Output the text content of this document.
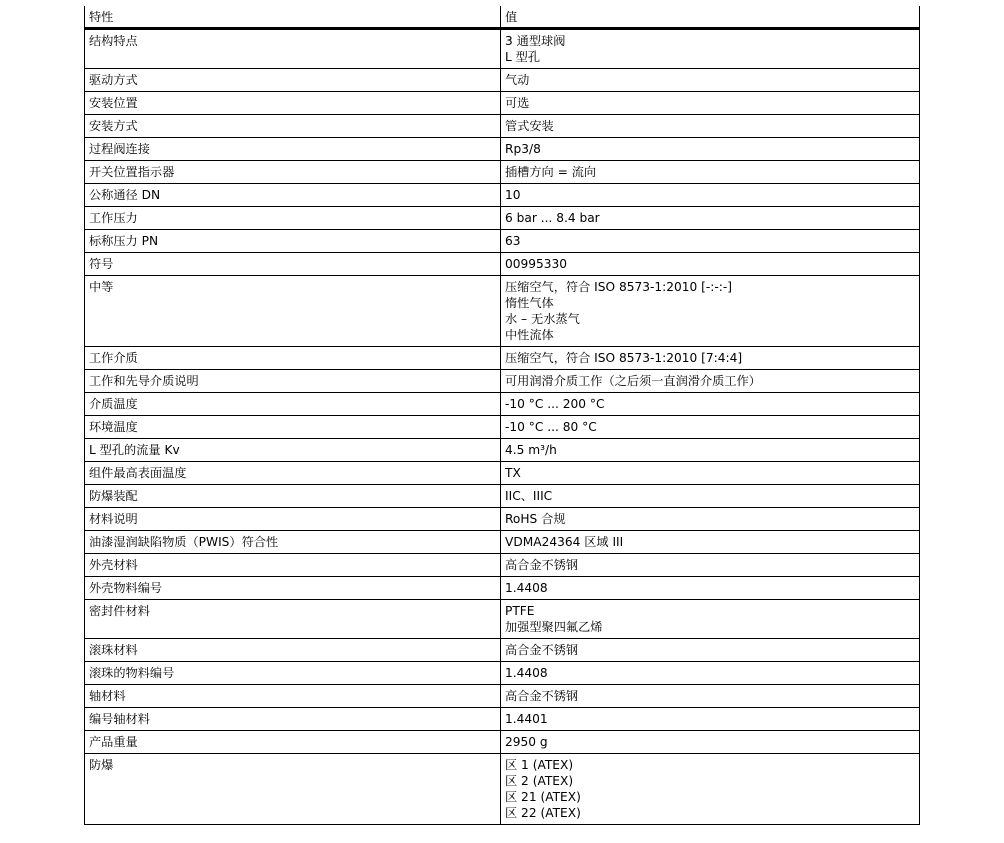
特性	值
结构特点	3 通型球阀
L 型孔
驱动方式	气动
安装位置	可选
安装方式	管式安装
过程阀连接	Rp3/8
开关位置指示器	插槽方向 = 流向
公称通径 DN	10
工作压力	6 bar ... 8.4 bar
标称压力 PN	63
符号	00995330
中等	压缩空气，符合 ISO 8573-1:2010 [-:-:-]
惰性气体
水 – 无水蒸气
中性流体
工作介质	压缩空气，符合 ISO 8573-1:2010 [7:4:4]
工作和先导介质说明	可用润滑介质工作（之后须一直润滑介质工作）
介质温度	-10 °C ... 200 °C
环境温度	-10 °C ... 80 °C
L 型孔的流量 Kv	4.5 m³/h
组件最高表面温度	TX
防爆装配	IIC、IIIC
材料说明	RoHS 合规
油漆湿润缺陷物质（PWIS）符合性	VDMA24364 区域 III
外壳材料	高合金不锈钢
外壳物料编号	1.4408
密封件材料	PTFE
加强型聚四氟乙烯
滚珠材料	高合金不锈钢
滚珠的物料编号	1.4408
轴材料	高合金不锈钢
编号轴材料	1.4401
产品重量	2950 g
防爆	区 1 (ATEX)
区 2 (ATEX)
区 21 (ATEX)
区 22 (ATEX)
